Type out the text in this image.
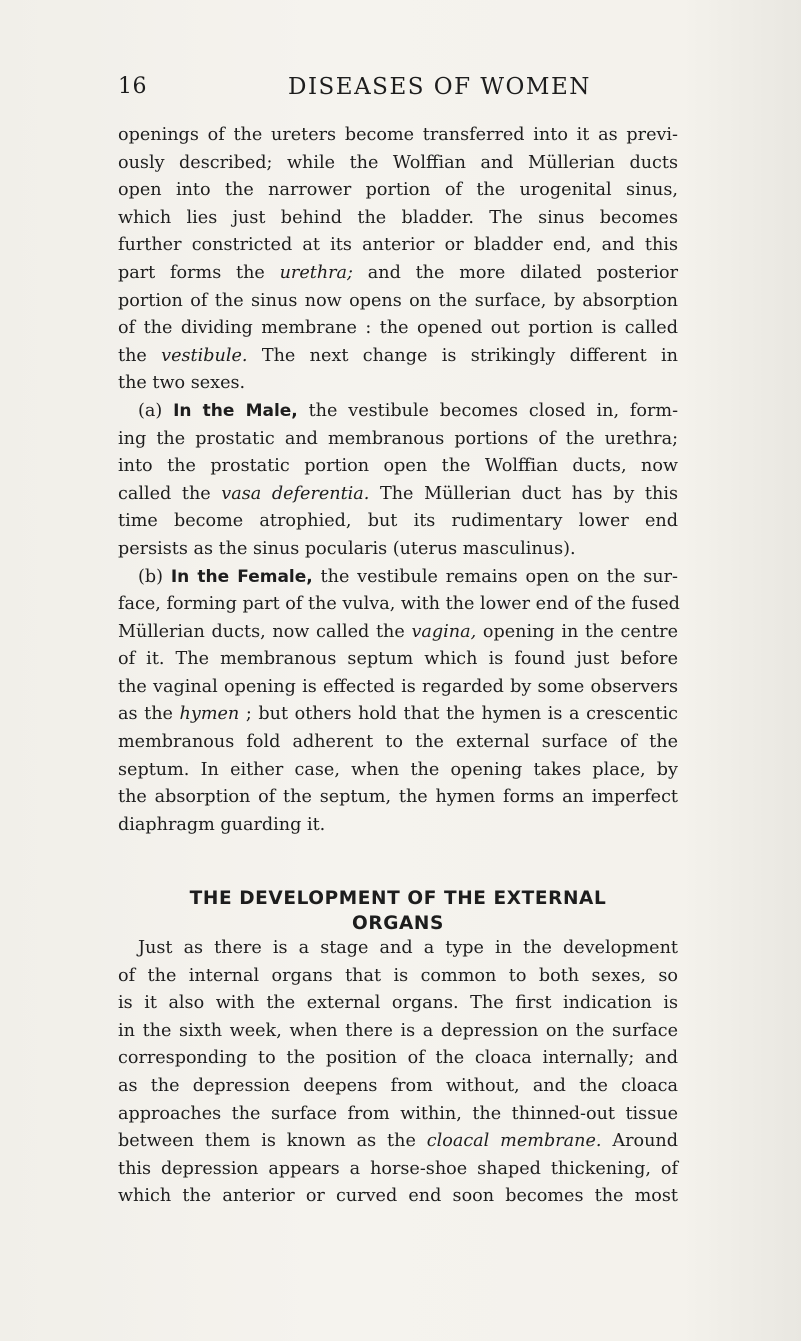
16	DISEASES OF WOMEN
openings of the ureters become transferred into it as previ-
ously described; while the Wolffian and Müllerian ducts
open into the narrower portion of the urogenital sinus,
which lies just behind the bladder. The sinus becomes
further constricted at its anterior or bladder end, and this
part forms the urethra; and the more dilated posterior
portion of the sinus now opens on the surface, by absorption
of the dividing membrane : the opened out portion is called
the vestibule. The next change is strikingly different in
the two sexes.
(a) In the Male, the vestibule becomes closed in, form-
ing the prostatic and membranous portions of the urethra;
into the prostatic portion open the Wolffian ducts, now
called the vasa deferentia. The Müllerian duct has by this
time become atrophied, but its rudimentary lower end
persists as the sinus pocularis (uterus masculinus).
(b) In the Female, the vestibule remains open on the sur-
face, forming part of the vulva, with the lower end of the fused
Müllerian ducts, now called the vagina, opening in the centre
of it. The membranous septum which is found just before
the vaginal opening is effected is regarded by some observers
as the hymen ; but others hold that the hymen is a crescentic
membranous fold adherent to the external surface of the
septum. In either case, when the opening takes place, by
the absorption of the septum, the hymen forms an imperfect
diaphragm guarding it.
THE DEVELOPMENT OF THE EXTERNAL
ORGANS
Just as there is a stage and a type in the development
of the internal organs that is common to both sexes, so
is it also with the external organs. The first indication is
in the sixth week, when there is a depression on the surface
corresponding to the position of the cloaca internally; and
as the depression deepens from without, and the cloaca
approaches the surface from within, the thinned-out tissue
between them is known as the cloacal membrane. Around
this depression appears a horse-shoe shaped thickening, of
which the anterior or curved end soon becomes the most
